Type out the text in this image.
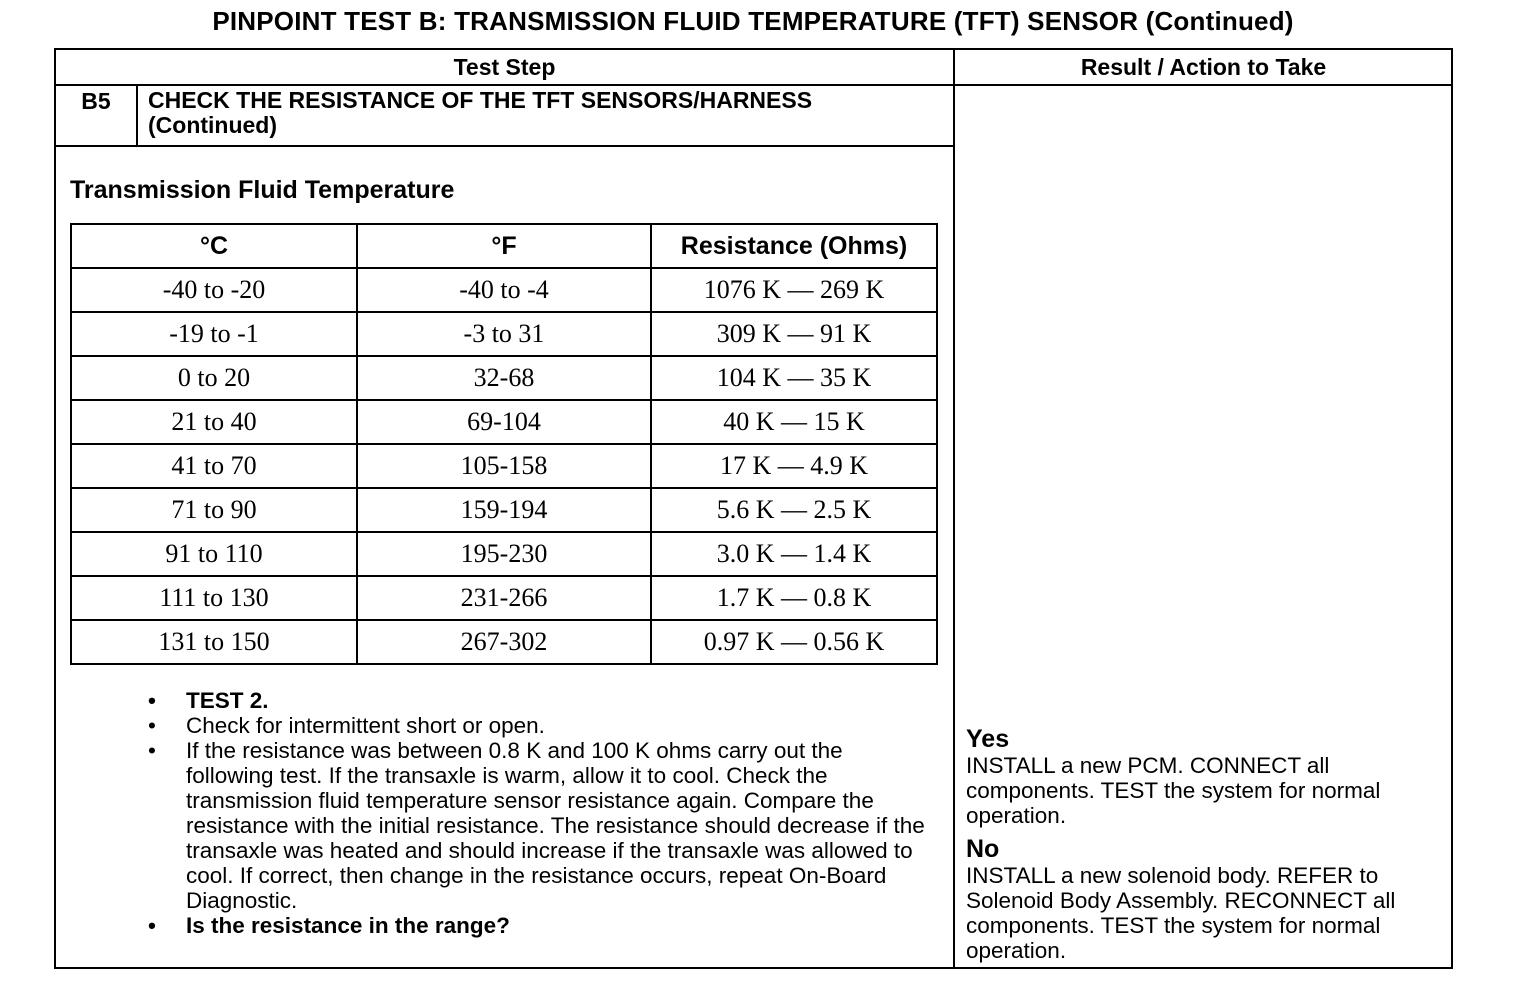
PINPOINT TEST B: TRANSMISSION FLUID TEMPERATURE (TFT) SENSOR (Continued)
Test Step	Result / Action to Take
B5	CHECK THE RESISTANCE OF THE TFT SENSORS/HARNESS
(Continued)
Transmission Fluid Temperature
°C	°F	Resistance (Ohms)
-40 to -20	-40 to -4	1076 K — 269 K
-19 to -1	-3 to 31	309 K — 91 K
0 to 20	32-68	104 K — 35 K
21 to 40	69-104	40 K — 15 K
41 to 70	105-158	17 K — 4.9 K
71 to 90	159-194	5.6 K — 2.5 K
91 to 110	195-230	3.0 K — 1.4 K
111 to 130	231-266	1.7 K — 0.8 K
131 to 150	267-302	0.97 K — 0.56 K
• TEST 2.
• Check for intermittent short or open.
• If the resistance was between 0.8 K and 100 K ohms carry out the following test. If the transaxle is warm, allow it to cool. Check the transmission fluid temperature sensor resistance again. Compare the resistance with the initial resistance. The resistance should decrease if the transaxle was heated and should increase if the transaxle was allowed to cool. If correct, then change in the resistance occurs, repeat On-Board Diagnostic.
• Is the resistance in the range?
Yes
INSTALL a new PCM. CONNECT all components. TEST the system for normal operation.
No
INSTALL a new solenoid body. REFER to Solenoid Body Assembly. RECONNECT all components. TEST the system for normal operation.
